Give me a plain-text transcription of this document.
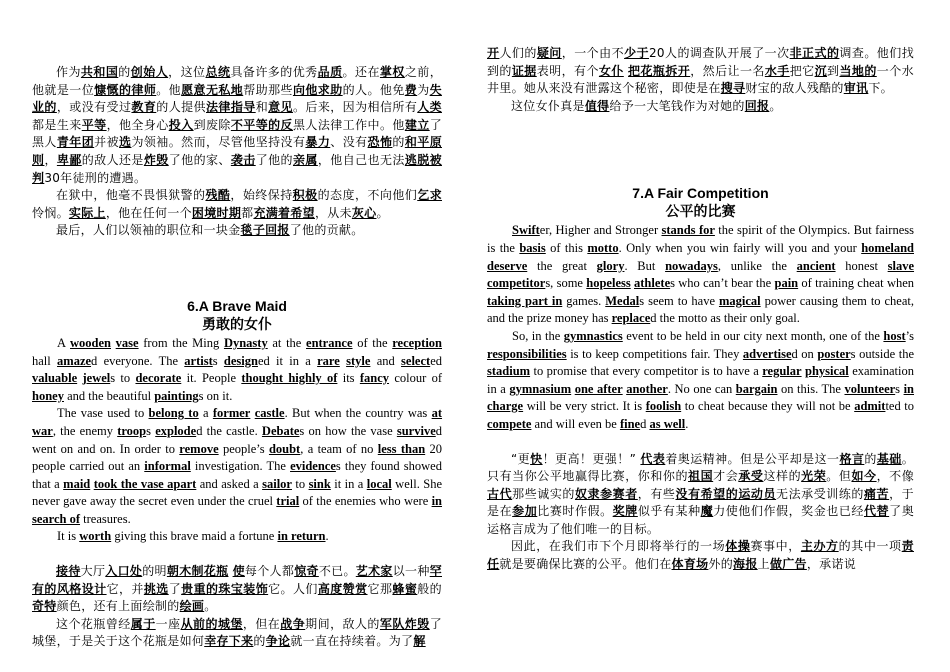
作为共和国的创始人，这位总统具备许多的优秀品质。还在掌权之前，他就是一位慷慨的律师。他愿意无私地帮助那些向他求助的人。他免费为失业的，或没有受过教育的人提供法律指导和意见。后来，因为相信所有人类都是生来平等，他全身心投入到废除不平等的反黑人法律工作中。他建立了黑人青年团并被选为领袖。然而，尽管他坚持没有暴力、没有恐怖的和平原则，卑鄙的敌人还是炸毁了他的家、袭击了他的亲属，他自己也无法逃脱被判30年徒刑的遭遇。

在狱中，他毫不畏惧狱警的残酷，始终保持积极的态度，不向他们乞求怜悯。实际上，他在任何一个困境时期都充满着希望，从未灰心。

最后，人们以领袖的职位和一块金毯子回报了他的贡献。

6.A Brave Maid
勇敢的女仆

A wooden vase from the Ming Dynasty at the entrance of the reception hall amazed everyone. The artists designed it in a rare style and selected valuable jewels to decorate it. People thought highly of its fancy colour of honey and the beautiful paintings on it.

The vase used to belong to a former castle. But when the country was at war, the enemy troops exploded the castle. Debates on how the vase survived went on and on. In order to remove people’s doubt, a team of no less than 20 people carried out an informal investigation. The evidences they found showed that a maid took the vase apart and asked a sailor to sink it in a local well. She never gave away the secret even under the cruel trial of the enemies who were in search of treasures.

It is worth giving this brave maid a fortune in return.

接待大厅入口处的明朝木制花瓶 使每个人都惊奇不已。艺术家以一种罕有的风格设计它，并挑选了贵重的珠宝装饰它。人们高度赞赏它那蜂蜜般的奇特颜色，还有上面绘制的绘画。

这个花瓶曾经属于一座从前的城堡，但在战争期间，敌人的军队炸毁了城堡，于是关于这个花瓶是如何幸存下来的争论就一直在持续着。为了解

开人们的疑问，一个由不少于20人的调查队开展了一次非正式的调查。他们找到的证据表明，有个女仆 把花瓶拆开，然后让一名水手把它沉到当地的一个水井里。她从来没有泄露这个秘密，即使是在搜寻财宝的敌人残酷的审讯下。

这位女仆真是值得给予一大笔钱作为对她的回报。

7.A Fair Competition
公平的比赛

Swifter, Higher and Stronger stands for the spirit of the Olympics. But fairness is the basis of this motto. Only when you win fairly will you and your homeland deserve the great glory. But nowadays, unlike the ancient honest slave competitors, some hopeless athletes who can’t bear the pain of training cheat when taking part in games. Medals seem to have magical power causing them to cheat, and the prize money has replaced the motto as their only goal.

So, in the gymnastics event to be held in our city next month, one of the host’s responsibilities is to keep competitions fair. They advertised on posters outside the stadium to promise that every competitor is to have a regular physical examination in a gymnasium one after another. No one can bargain on this. The volunteers in charge will be very strict. It is foolish to cheat because they will not be admitted to compete and will even be fined as well.

“更快！更高！更强！” 代表着奥运精神。但是公平却是这一格言的基础。只有当你公平地赢得比赛，你和你的祖国才会承受这样的光荣。但如今，不像古代那些诚实的奴隶参赛者，有些没有希望的运动员无法承受训练的痛苦，于是在参加比赛时作假。奖牌似乎有某种魔力使他们作假，奖金也已经代替了奥运格言成为了他们唯一的目标。

因此，在我们市下个月即将举行的一场体操赛事中，主办方的其中一项责任就是要确保比赛的公平。他们在体育场外的海报上做广告，承诺说
